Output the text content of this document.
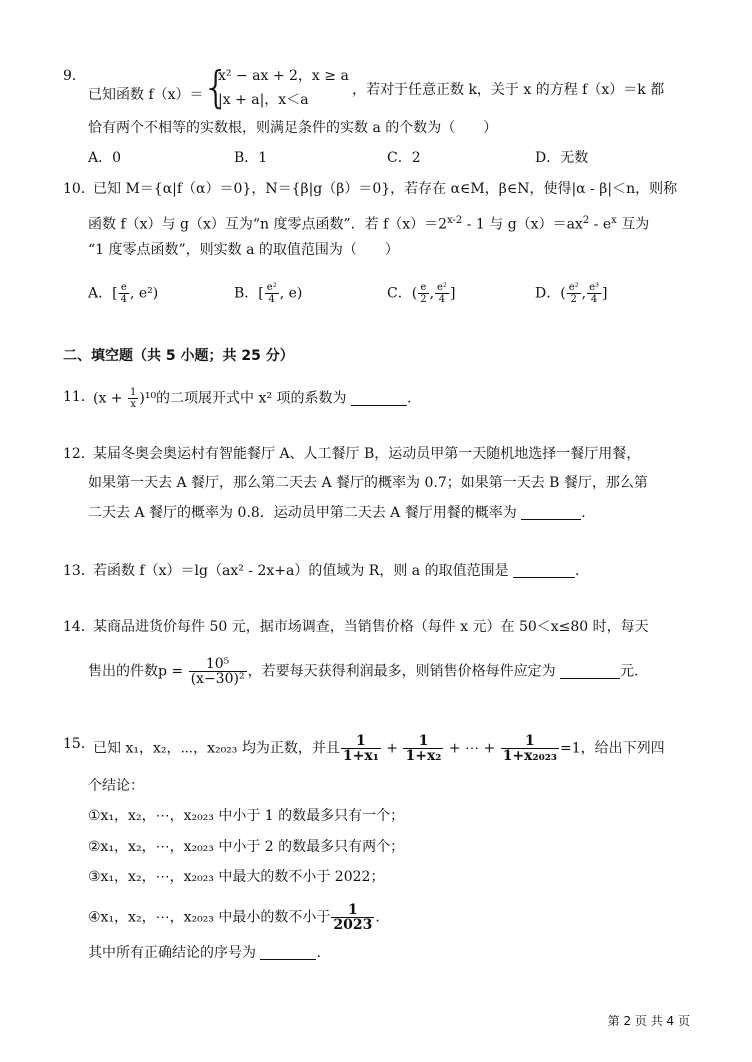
9．
已知函数 f（x）＝
{
x² − ax + 2，x ≥ a
|x + a|，x＜a
，若对于任意正数 k，关于 x 的方程 f（x）＝k 都
恰有两个不相等的实数根，则满足条件的实数 a 的个数为（　　）
A．0	B．1	C．2	D．无数
10．
已知 M＝{α|f（α）＝0}，N＝{β|g（β）＝0}，若存在 α∈M，β∈N，使得|α - β|＜n，则称
函数 f（x）与 g（x）互为“n 度零点函数”．若 $f(x)=2^{x-2} - 1$ 与 $g(x)=ax^2 - e^x$ 互为
“1 度零点函数”，则实数 a 的取值范围为（　　）
A．[ $\frac{e}{4}$ , e²)	B．[ $\frac{\text{e²}}{4}$ , e)	C．( $\frac{e}{2}$ , $\frac{\text{e²}}{4}$ ]	D．( $\frac{\text{e²}}{2}$ , $\frac{\text{e³}}{4}$ ]
二、填空题（共 5 小题；共 25 分）
11．
$(x + \frac{1}{x} )^{10}$的二项展开式中 x² 项的系数为	.
12．
某届冬奥会奥运村有智能餐厅 A、人工餐厅 B，运动员甲第一天随机地选择一餐厅用餐，
如果第一天去 A 餐厅，那么第二天去 A 餐厅的概率为 0.7；如果第一天去 B 餐厅，那么第
二天去 A 餐厅的概率为 0.8．运动员甲第二天去 A 餐厅用餐的概率为	.
13．
若函数 f（x）＝lg（ax² - 2x+a）的值域为 R，则 a 的取值范围是	.
14．
某商品进货价每件 50 元，据市场调查，当销售价格（每件 x 元）在 50＜x≤80 时，每天
售出的件数$p = \frac{\text{10⁵}}{\text{(x−30)²}}$ ，若要每天获得利润最多，则销售价格每件应定为	元.
15．
已知 x₁，x₂，⋯，x₂₀₂₃ 均为正数，并且 $\frac{1}{\text{1+x₁}} + \frac{1}{\text{1+x₂}}$ + ⋯ + $\frac{1}{\text{1+x₂₀₂₃}} =1$，给出下列四
个结论：
①x₁，x₂，⋯，x₂₀₂₃ 中小于 1 的数最多只有一个；
②x₁，x₂，⋯，x₂₀₂₃ 中小于 2 的数最多只有两个；
③x₁，x₂，⋯，x₂₀₂₃ 中最大的数不小于 2022；
④x₁，x₂，⋯，x₂₀₂₃ 中最小的数不小于 $\frac{1}{2023}$ .
其中所有正确结论的序号为	.
第 2 页 共 4 页
